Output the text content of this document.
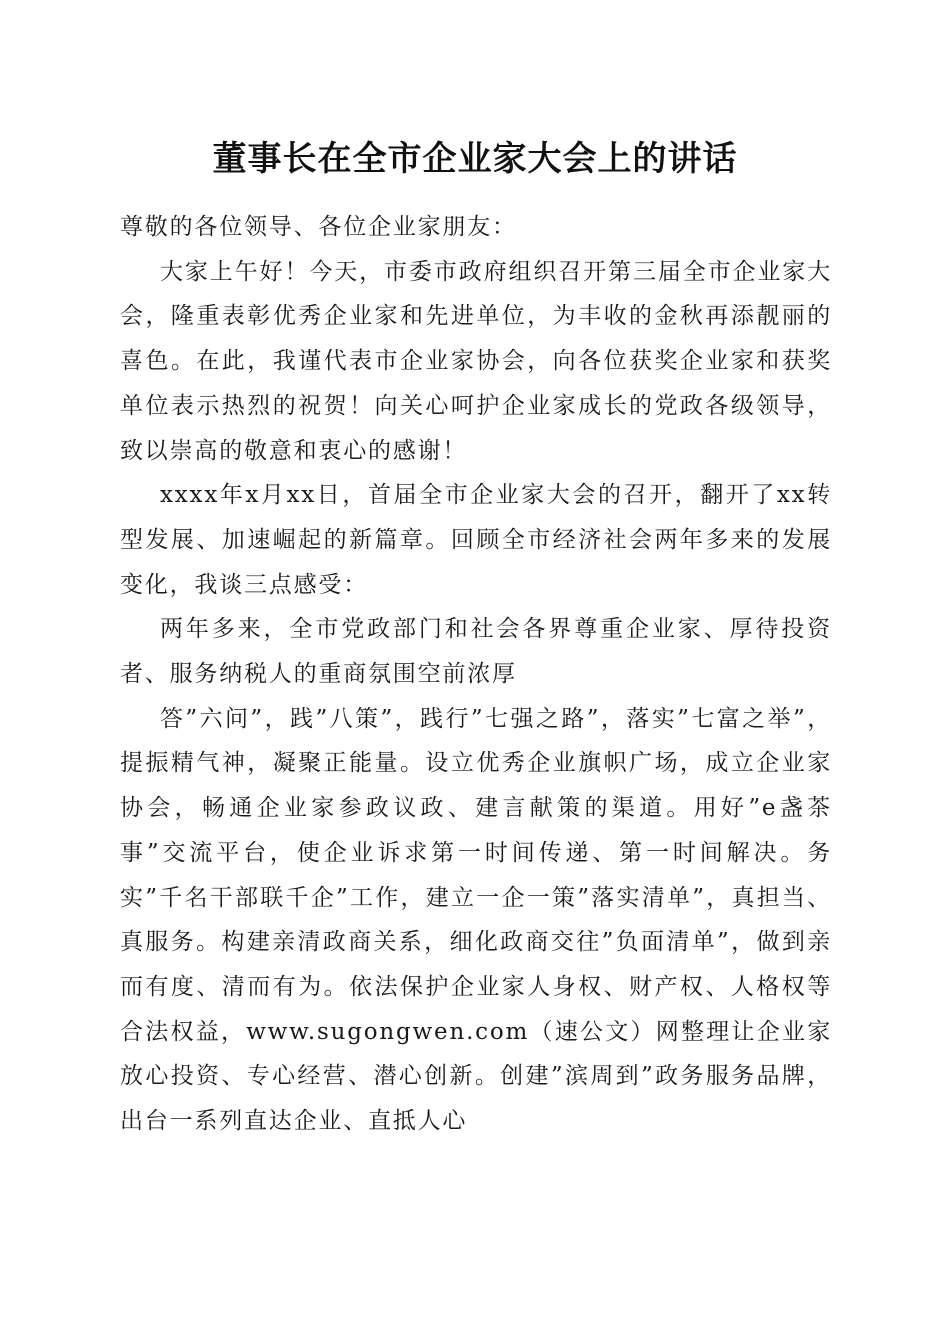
董事长在全市企业家大会上的讲话

尊敬的各位领导、各位企业家朋友：

大家上午好！今天，市委市政府组织召开第三届全市企业家大会，隆重表彰优秀企业家和先进单位，为丰收的金秋再添靓丽的喜色。在此，我谨代表市企业家协会，向各位获奖企业家和获奖单位表示热烈的祝贺！向关心呵护企业家成长的党政各级领导，致以崇高的敬意和衷心的感谢！

xxxx年x月xx日，首届全市企业家大会的召开，翻开了xx转型发展、加速崛起的新篇章。回顾全市经济社会两年多来的发展变化，我谈三点感受：

两年多来，全市党政部门和社会各界尊重企业家、厚待投资者、服务纳税人的重商氛围空前浓厚

答”六问”，践”八策”，践行”七强之路”，落实”七富之举”，提振精气神，凝聚正能量。设立优秀企业旗帜广场，成立企业家协会，畅通企业家参政议政、建言献策的渠道。用好”e盏茶事”交流平台，使企业诉求第一时间传递、第一时间解决。务实”千名干部联千企”工作，建立一企一策”落实清单”，真担当、真服务。构建亲清政商关系，细化政商交往”负面清单”，做到亲而有度、清而有为。依法保护企业家人身权、财产权、人格权等合法权益，www.sugongwen.com（速公文）网整理让企业家放心投资、专心经营、潜心创新。创建”滨周到”政务服务品牌，出台一系列直达企业、直抵人心
